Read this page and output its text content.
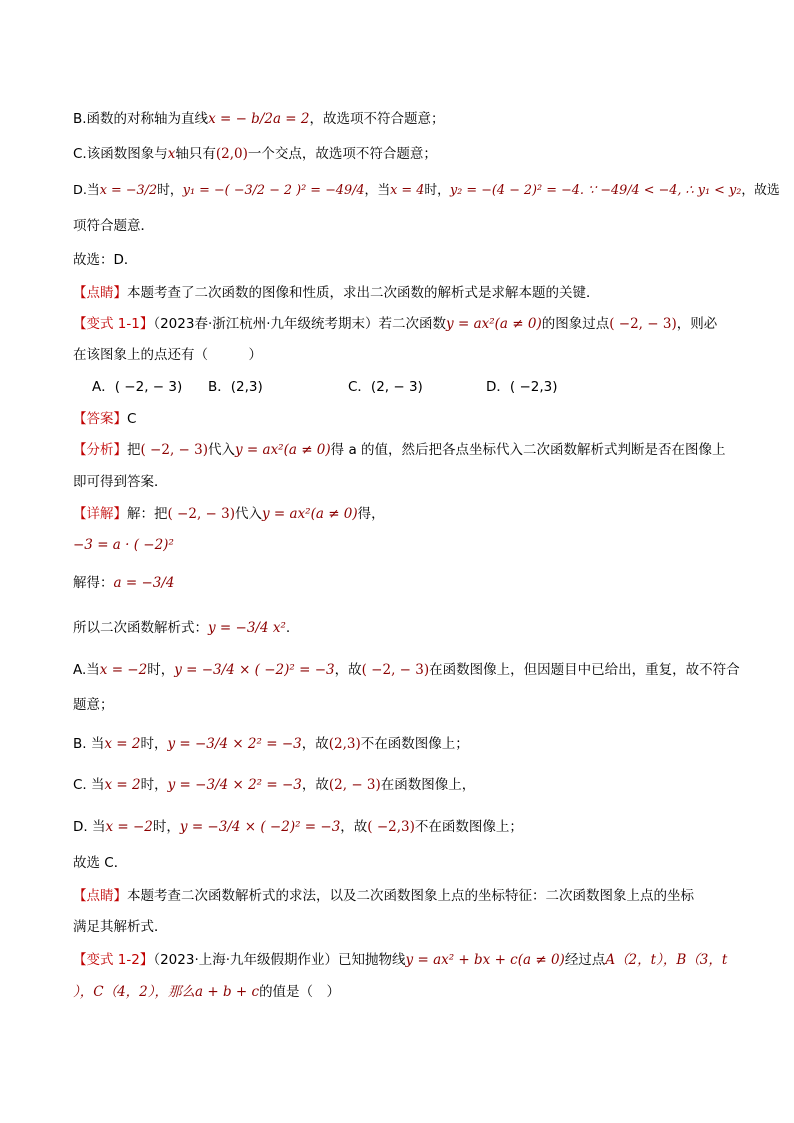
B.函数的对称轴为直线x = − b/2a = 2，故选项不符合题意；
C.该函数图象与x轴只有(2,0)一个交点，故选项不符合题意；
D.当x = −3/2时，y₁ = −( −3/2 − 2 )² = −49/4，当x = 4时，y₂ = −(4 − 2)² = −4. ∵ −49/4 < −4, ∴ y₁ < y₂，故选
项符合题意．
故选：D．
【点睛】本题考查了二次函数的图像和性质，求出二次函数的解析式是求解本题的关键．
【变式 1-1】（2023春·浙江杭州·九年级统考期末）若二次函数y = ax²(a ≠ 0)的图象过点( −2, − 3)，则必
在该图象上的点还有（　　　）
A．( −2, − 3) B．(2,3)	C．(2, − 3)	D．( −2,3)
【答案】C
【分析】把( −2, − 3)代入y = ax²(a ≠ 0)得 a 的值，然后把各点坐标代入二次函数解析式判断是否在图像上
即可得到答案．
【详解】解：把( −2, − 3)代入y = ax²(a ≠ 0)得，
−3 = a · ( −2)²
解得：a = −3/4
所以二次函数解析式：y = −3/4 x².
A.当x = −2时，y = −3/4 × ( −2)² = −3，故( −2, − 3)在函数图像上，但因题目中已给出，重复，故不符合
题意；
B. 当x = 2时，y = −3/4 × 2² = −3，故(2,3)不在函数图像上；
C. 当x = 2时，y = −3/4 × 2² = −3，故(2, − 3)在函数图像上，
D. 当x = −2时，y = −3/4 × ( −2)² = −3，故( −2,3)不在函数图像上；
故选 C．
【点睛】本题考查二次函数解析式的求法，以及二次函数图象上点的坐标特征：二次函数图象上点的坐标
满足其解析式．
【变式 1-2】（2023·上海·九年级假期作业）已知抛物线y = ax² + bx + c(a ≠ 0)经过点A（2，t），B（3，t
），C（4，2），那么a + b + c的值是（　）
